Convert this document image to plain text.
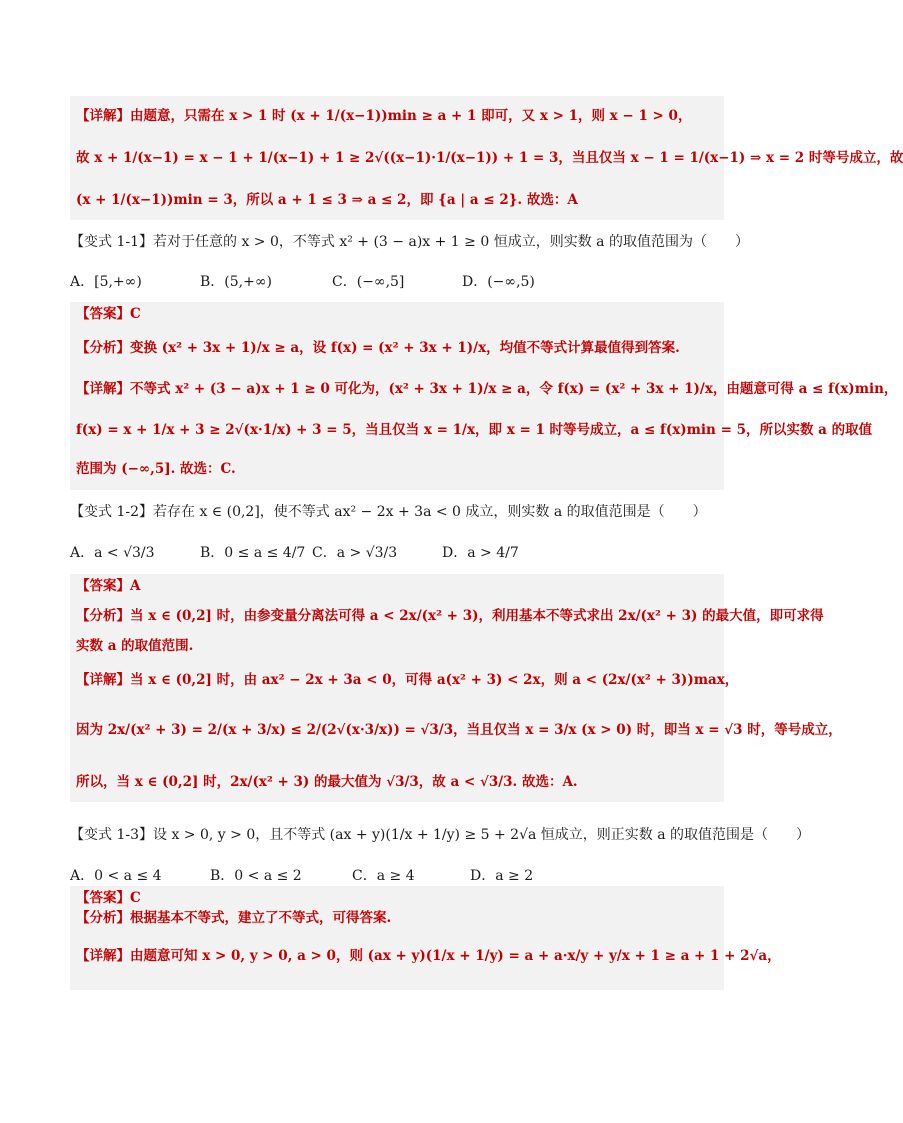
【详解】由题意，只需在 x > 1 时 (x + 1/(x−1))min ≥ a + 1 即可，又 x > 1，则 x − 1 > 0，
故 x + 1/(x−1) = x − 1 + 1/(x−1) + 1 ≥ 2√((x−1)·1/(x−1)) + 1 = 3，当且仅当 x − 1 = 1/(x−1) ⇒ x = 2 时等号成立，故
(x + 1/(x−1))min = 3，所以 a + 1 ≤ 3 ⇒ a ≤ 2，即 {a | a ≤ 2}. 故选：A
【变式 1-1】若对于任意的 x > 0，不等式 x² + (3 − a)x + 1 ≥ 0 恒成立，则实数 a 的取值范围为（　　）
A．[5,+∞)	B．(5,+∞)	C．(−∞,5]	D．(−∞,5)
【答案】C
【分析】变换 (x² + 3x + 1)/x ≥ a，设 f(x) = (x² + 3x + 1)/x，均值不等式计算最值得到答案.
【详解】不等式 x² + (3 − a)x + 1 ≥ 0 可化为，(x² + 3x + 1)/x ≥ a，令 f(x) = (x² + 3x + 1)/x，由题意可得 a ≤ f(x)min，
f(x) = x + 1/x + 3 ≥ 2√(x·1/x) + 3 = 5，当且仅当 x = 1/x，即 x = 1 时等号成立，a ≤ f(x)min = 5，所以实数 a 的取值
范围为 (−∞,5]. 故选：C.
【变式 1-2】若存在 x ∈ (0,2]，使不等式 ax² − 2x + 3a < 0 成立，则实数 a 的取值范围是（　　）
A．a < √3/3	B．0 ≤ a ≤ 4/7 C．a > √3/3	D．a > 4/7
【答案】A
【分析】当 x ∈ (0,2] 时，由参变量分离法可得 a < 2x/(x² + 3)，利用基本不等式求出 2x/(x² + 3) 的最大值，即可求得
实数 a 的取值范围.
【详解】当 x ∈ (0,2] 时，由 ax² − 2x + 3a < 0，可得 a(x² + 3) < 2x，则 a < (2x/(x² + 3))max，
因为 2x/(x² + 3) = 2/(x + 3/x) ≤ 2/(2√(x·3/x)) = √3/3，当且仅当 x = 3/x (x > 0) 时，即当 x = √3 时，等号成立，
所以，当 x ∈ (0,2] 时，2x/(x² + 3) 的最大值为 √3/3，故 a < √3/3. 故选：A.
【变式 1-3】设 x > 0, y > 0，且不等式 (ax + y)(1/x + 1/y) ≥ 5 + 2√a 恒成立，则正实数 a 的取值范围是（　　）
A．0 < a ≤ 4	B．0 < a ≤ 2	C．a ≥ 4	D．a ≥ 2
【答案】C
【分析】根据基本不等式，建立了不等式，可得答案.
【详解】由题意可知 x > 0, y > 0, a > 0，则 (ax + y)(1/x + 1/y) = a + a·x/y + y/x + 1 ≥ a + 1 + 2√a，
